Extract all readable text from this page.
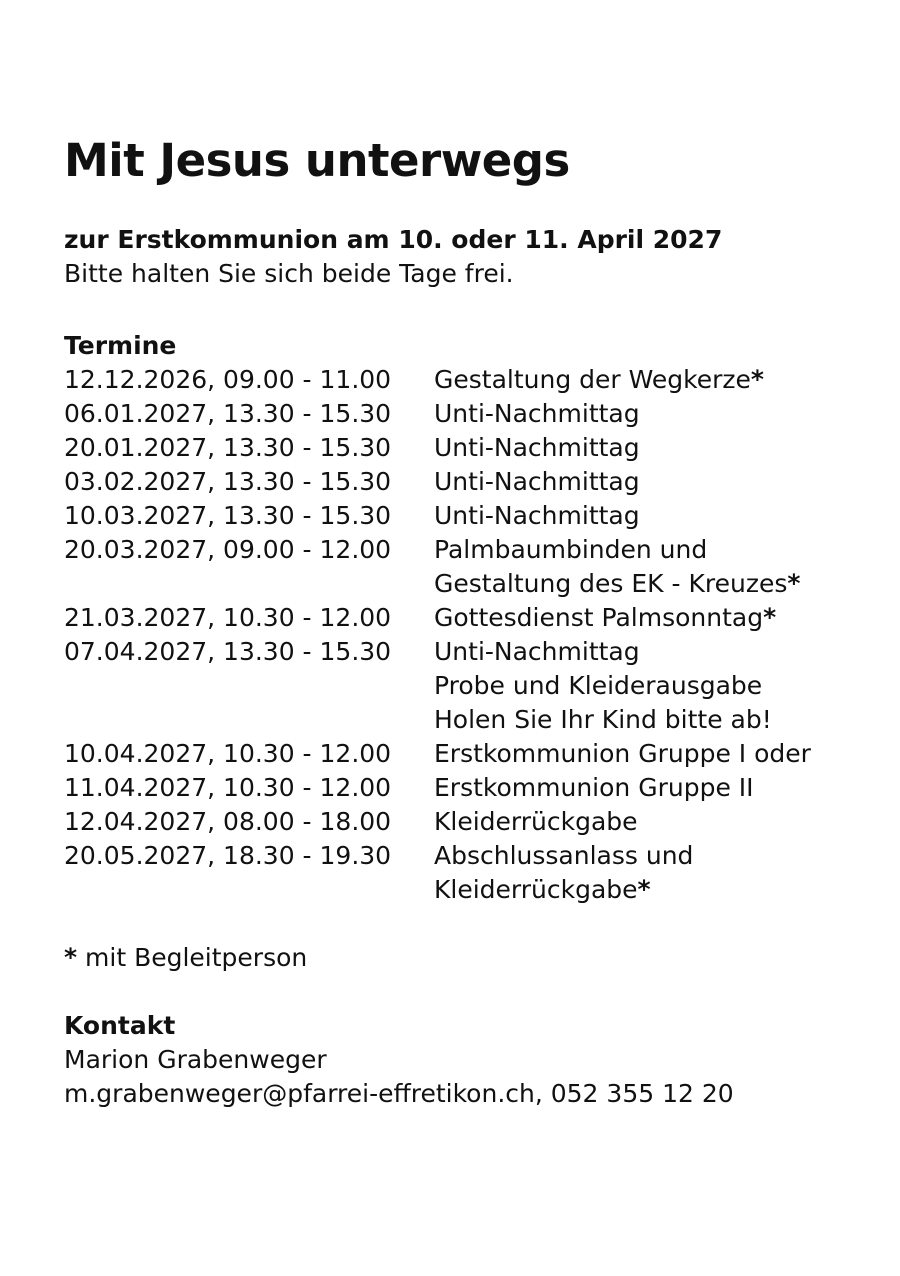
Mit Jesus unterwegs
zur Erstkommunion am 10. oder 11. April 2027
Bitte halten Sie sich beide Tage frei.
Termine
12.12.2026, 09.00 - 11.00	Gestaltung der Wegkerze*
06.01.2027, 13.30 - 15.30	Unti-Nachmittag
20.01.2027, 13.30 - 15.30	Unti-Nachmittag
03.02.2027, 13.30 - 15.30	Unti-Nachmittag
10.03.2027, 13.30 - 15.30	Unti-Nachmittag
20.03.2027, 09.00 - 12.00	Palmbaumbinden und
Gestaltung des EK - Kreuzes*
21.03.2027, 10.30 - 12.00	Gottesdienst Palmsonntag*
07.04.2027, 13.30 - 15.30	Unti-Nachmittag
Probe und Kleiderausgabe
Holen Sie Ihr Kind bitte ab!
10.04.2027, 10.30 - 12.00	Erstkommunion Gruppe I oder
11.04.2027, 10.30 - 12.00	Erstkommunion Gruppe II
12.04.2027, 08.00 - 18.00	Kleiderrückgabe
20.05.2027, 18.30 - 19.30	Abschlussanlass und
Kleiderrückgabe*
* mit Begleitperson
Kontakt
Marion Grabenweger
m.grabenweger@pfarrei-effretikon.ch, 052 355 12 20
